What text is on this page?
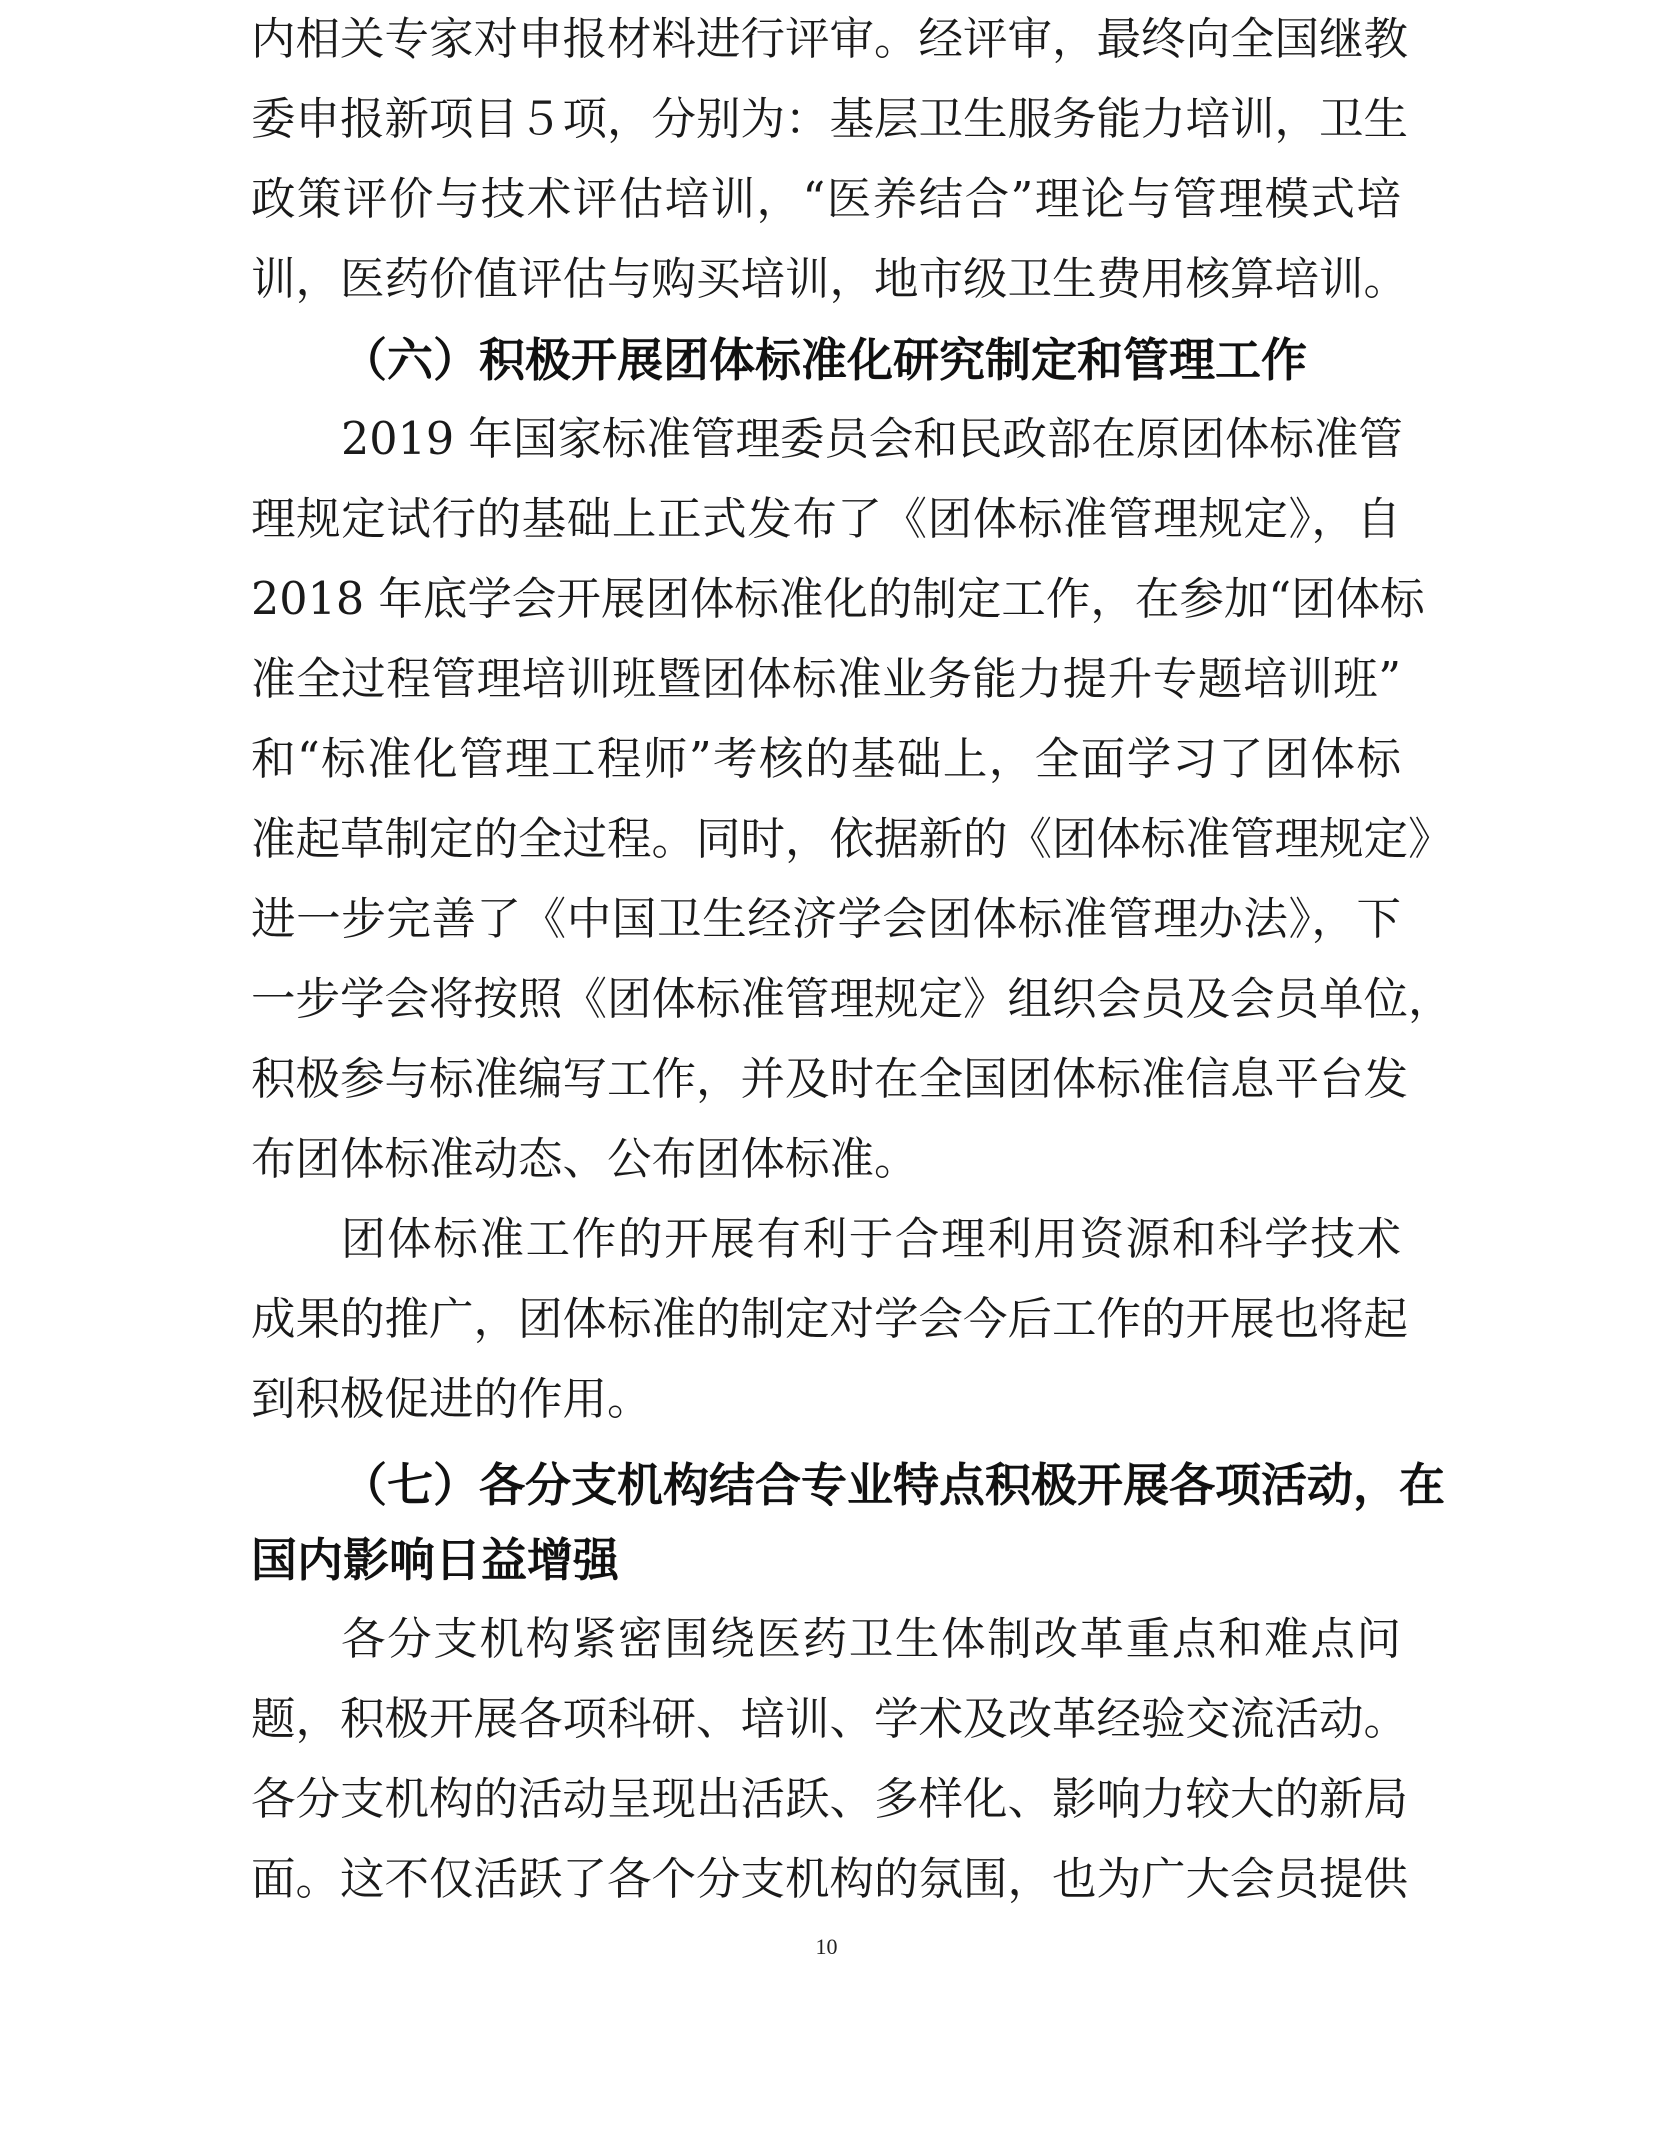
内相关专家对申报材料进行评审。经评审，最终向全国继教
委申报新项目５项，分别为：基层卫生服务能力培训，卫生
政策评价与技术评估培训，“医养结合”理论与管理模式培
训，医药价值评估与购买培训，地市级卫生费用核算培训。
（六）积极开展团体标准化研究制定和管理工作
2019 年国家标准管理委员会和民政部在原团体标准管
理规定试行的基础上正式发布了《团体标准管理规定》，自
2018 年底学会开展团体标准化的制定工作，在参加“团体标
准全过程管理培训班暨团体标准业务能力提升专题培训班”
和“标准化管理工程师”考核的基础上，全面学习了团体标
准起草制定的全过程。同时，依据新的《团体标准管理规定》
进一步完善了《中国卫生经济学会团体标准管理办法》，下
一步学会将按照《团体标准管理规定》组织会员及会员单位，
积极参与标准编写工作，并及时在全国团体标准信息平台发
布团体标准动态、公布团体标准。
团体标准工作的开展有利于合理利用资源和科学技术
成果的推广，团体标准的制定对学会今后工作的开展也将起
到积极促进的作用。
（七）各分支机构结合专业特点积极开展各项活动，在
国内影响日益增强
各分支机构紧密围绕医药卫生体制改革重点和难点问
题，积极开展各项科研、培训、学术及改革经验交流活动。
各分支机构的活动呈现出活跃、多样化、影响力较大的新局
面。这不仅活跃了各个分支机构的氛围，也为广大会员提供
10
